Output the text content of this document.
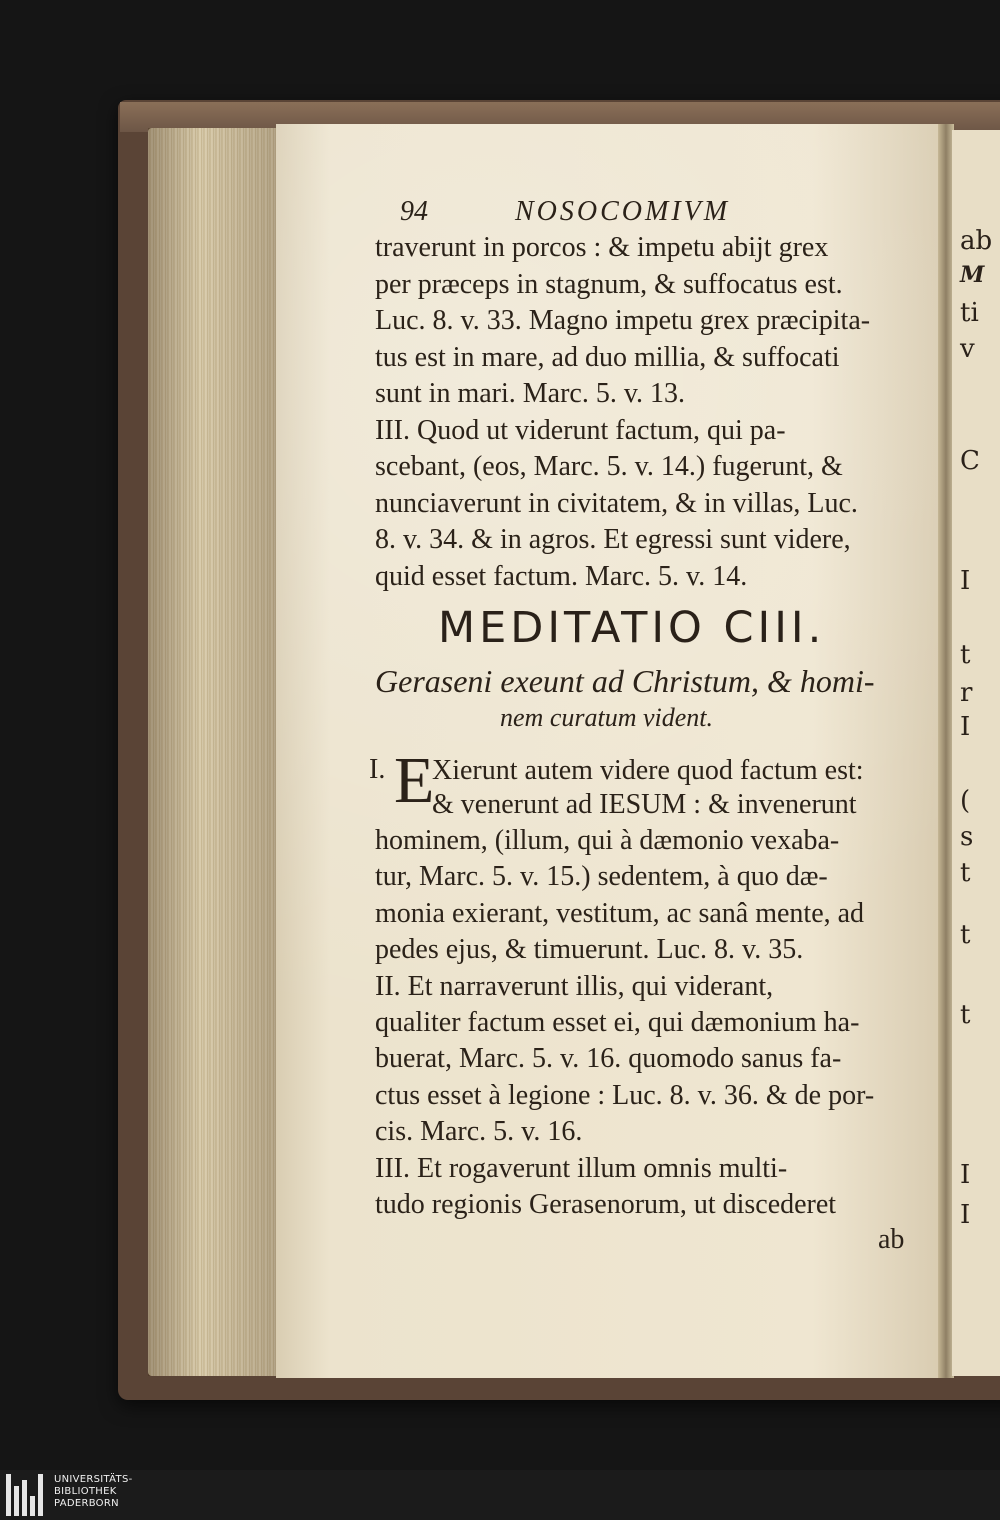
94	NOSOCOMIVM
traverunt in porcos : & impetu abijt grex
per præceps in stagnum, & suffocatus est.
Luc. 8. v. 33. Magno impetu grex præcipita-
tus est in mare, ad duo millia, & suffocati
sunt in mari. Marc. 5. v. 13.
III. Quod ut viderunt factum, qui pa-
scebant, (eos, Marc. 5. v. 14.) fugerunt, &
nunciaverunt in civitatem, & in villas, Luc.
8. v. 34. & in agros. Et egressi sunt videre,
quid esset factum. Marc. 5. v. 14.
MEDITATIO CIII.
Geraseni exeunt ad Christum, & homi-
nem curatum vident.
I. E
Xierunt autem videre quod factum est:
& venerunt ad IESUM : & invenerunt
hominem, (illum, qui à dæmonio vexaba-
tur, Marc. 5. v. 15.) sedentem, à quo dæ-
monia exierant, vestitum, ac sanâ mente, ad
pedes ejus, & timuerunt. Luc. 8. v. 35.
II. Et narraverunt illis, qui viderant,
qualiter factum esset ei, qui dæmonium ha-
buerat, Marc. 5. v. 16. quomodo sanus fa-
ctus esset à legione : Luc. 8. v. 36. & de por-
cis. Marc. 5. v. 16.
III. Et rogaverunt illum omnis multi-
tudo regionis Gerasenorum, ut discederet
ab
ab
M
ti
v
C
I
t
r
I
(
s
t
t
t
I
I
UNIVERSITÄTS-
BIBLIOTHEK
PADERBORN
